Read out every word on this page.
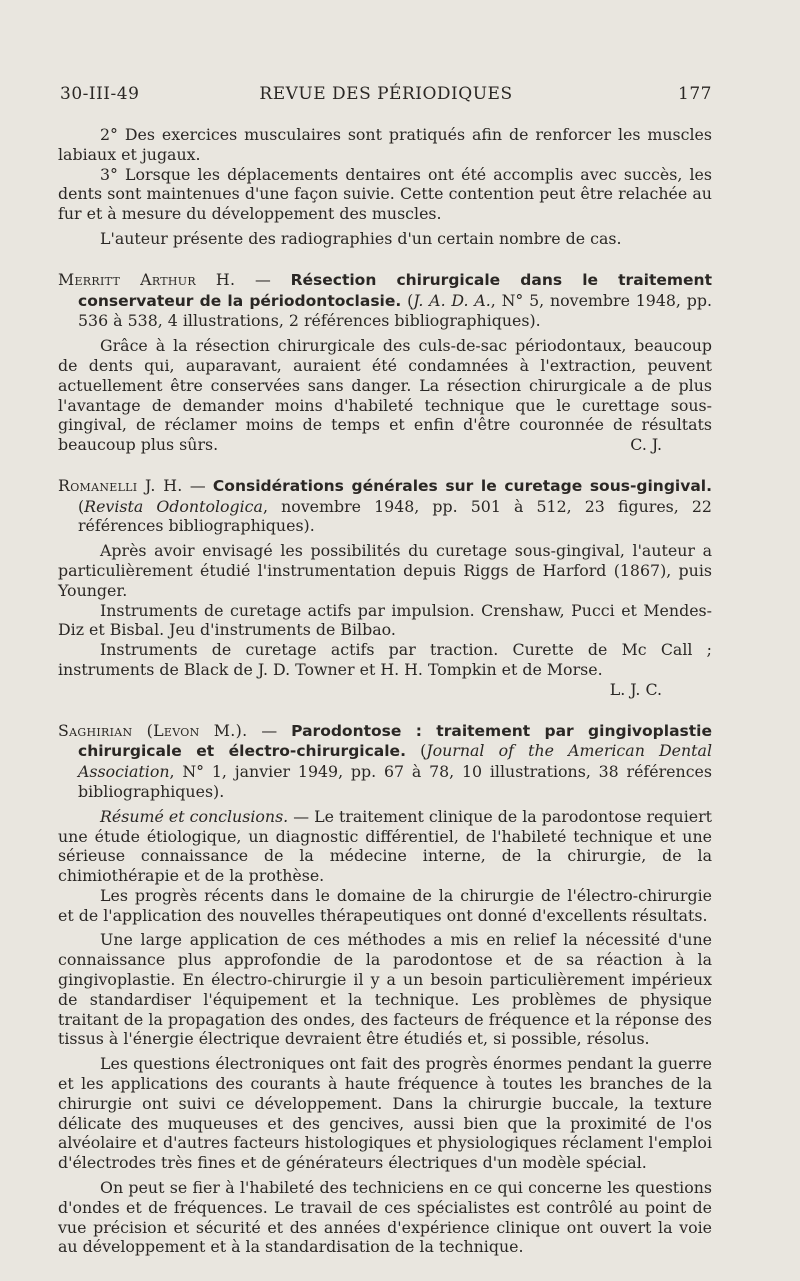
30-III-49	REVUE DES PÉRIODIQUES	177

2° Des exercices musculaires sont pratiqués afin de renforcer les muscles labiaux et jugaux.

3° Lorsque les déplacements dentaires ont été accomplis avec succès, les dents sont maintenues d'une façon suivie. Cette contention peut être relachée au fur et à mesure du développement des muscles.

L'auteur présente des radiographies d'un certain nombre de cas.

Merritt Arthur H. — Résection chirurgicale dans le traitement conservateur de la périodontoclasie. (J. A. D. A., N° 5, novembre 1948, pp. 536 à 538, 4 illustrations, 2 références bibliographiques).

Grâce à la résection chirurgicale des culs-de-sac périodontaux, beaucoup de dents qui, auparavant, auraient été condamnées à l'extraction, peuvent actuellement être conservées sans danger. La résection chirurgicale a de plus l'avantage de demander moins d'habileté technique que le curettage sous-gingival, de réclamer moins de temps et enfin d'être couronnée de résultats beaucoup plus sûrs.	C. J.

Romanelli J. H. — Considérations générales sur le curetage sous-gingival. (Revista Odontologica, novembre 1948, pp. 501 à 512, 23 figures, 22 références bibliographiques).

Après avoir envisagé les possibilités du curetage sous-gingival, l'auteur a particulièrement étudié l'instrumentation depuis Riggs de Harford (1867), puis Younger.

Instruments de curetage actifs par impulsion. Crenshaw, Pucci et Mendes-Diz et Bisbal. Jeu d'instruments de Bilbao.

Instruments de curetage actifs par traction. Curette de Mc Call ; instruments de Black de J. D. Towner et H. H. Tompkin et de Morse.

L. J. C.

Saghirian (Levon M.). — Parodontose : traitement par gingivoplastie chirurgicale et électro-chirurgicale. (Journal of the American Dental Association, N° 1, janvier 1949, pp. 67 à 78, 10 illustrations, 38 références bibliographiques).

Résumé et conclusions. — Le traitement clinique de la parodontose requiert une étude étiologique, un diagnostic différentiel, de l'habileté technique et une sérieuse connaissance de la médecine interne, de la chirurgie, de la chimiothérapie et de la prothèse.

Les progrès récents dans le domaine de la chirurgie de l'électro-chirurgie et de l'application des nouvelles thérapeutiques ont donné d'excellents résultats.

Une large application de ces méthodes a mis en relief la nécessité d'une connaissance plus approfondie de la parodontose et de sa réaction à la gingivoplastie. En électro-chirurgie il y a un besoin particulièrement impérieux de standardiser l'équipement et la technique. Les problèmes de physique traitant de la propagation des ondes, des facteurs de fréquence et la réponse des tissus à l'énergie électrique devraient être étudiés et, si possible, résolus.

Les questions électroniques ont fait des progrès énormes pendant la guerre et les applications des courants à haute fréquence à toutes les branches de la chirurgie ont suivi ce développement. Dans la chirurgie buccale, la texture délicate des muqueuses et des gencives, aussi bien que la proximité de l'os alvéolaire et d'autres facteurs histologiques et physiologiques réclament l'emploi d'électrodes très fines et de générateurs électriques d'un modèle spécial.

On peut se fier à l'habileté des techniciens en ce qui concerne les questions d'ondes et de fréquences. Le travail de ces spécialistes est contrôlé au point de vue précision et sécurité et des années d'expérience clinique ont ouvert la voie au développement et à la standardisation de la technique.
